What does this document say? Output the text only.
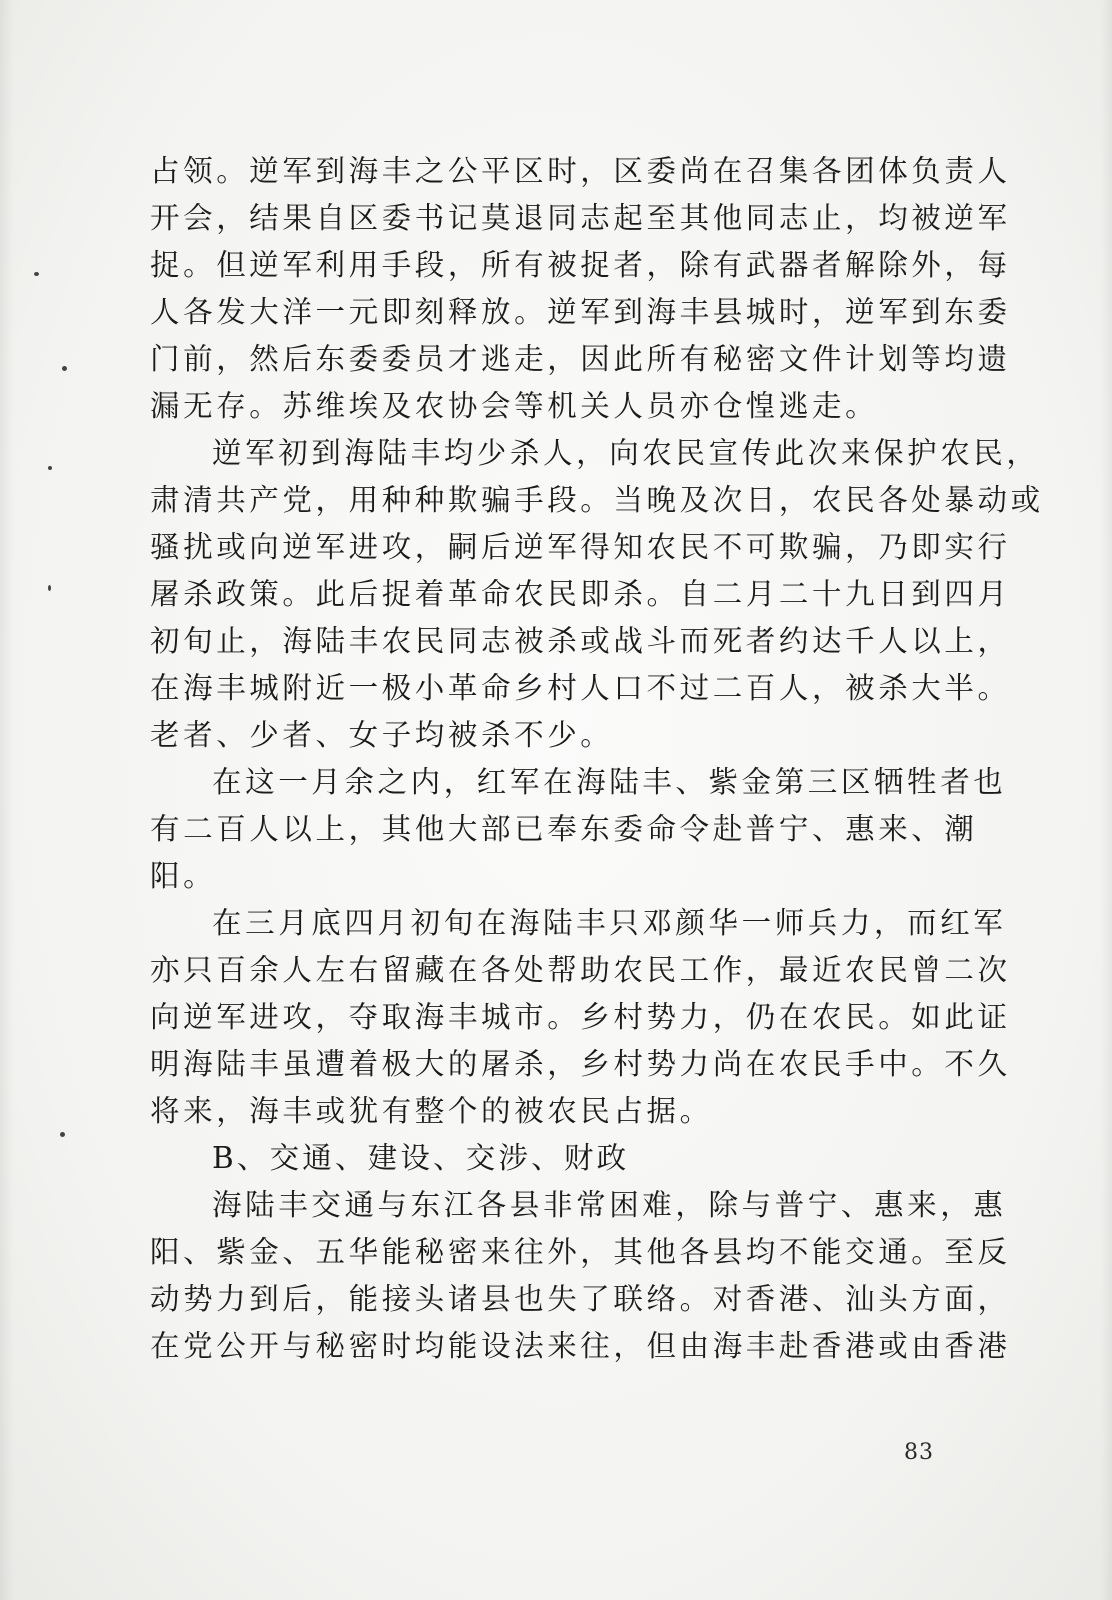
占领。逆军到海丰之公平区时，区委尚在召集各团体负责人
开会，结果自区委书记莫退同志起至其他同志止，均被逆军
捉。但逆军利用手段，所有被捉者，除有武器者解除外，每
人各发大洋一元即刻释放。逆军到海丰县城时，逆军到东委
门前，然后东委委员才逃走，因此所有秘密文件计划等均遗
漏无存。苏维埃及农协会等机关人员亦仓惶逃走。
逆军初到海陆丰均少杀人，向农民宣传此次来保护农民，
肃清共产党，用种种欺骗手段。当晚及次日，农民各处暴动或
骚扰或向逆军进攻，嗣后逆军得知农民不可欺骗，乃即实行
屠杀政策。此后捉着革命农民即杀。自二月二十九日到四月
初旬止，海陆丰农民同志被杀或战斗而死者约达千人以上，
在海丰城附近一极小革命乡村人口不过二百人，被杀大半。
老者、少者、女子均被杀不少。
在这一月余之内，红军在海陆丰、紫金第三区牺牲者也
有二百人以上，其他大部已奉东委命令赴普宁、惠来、潮
阳。
在三月底四月初旬在海陆丰只邓颜华一师兵力，而红军
亦只百余人左右留藏在各处帮助农民工作，最近农民曾二次
向逆军进攻，夺取海丰城市。乡村势力，仍在农民。如此证
明海陆丰虽遭着极大的屠杀，乡村势力尚在农民手中。不久
将来，海丰或犹有整个的被农民占据。
B、交通、建设、交涉、财政
海陆丰交通与东江各县非常困难，除与普宁、惠来，惠
阳、紫金、五华能秘密来往外，其他各县均不能交通。至反
动势力到后，能接头诸县也失了联络。对香港、汕头方面，
在党公开与秘密时均能设法来往，但由海丰赴香港或由香港
83
